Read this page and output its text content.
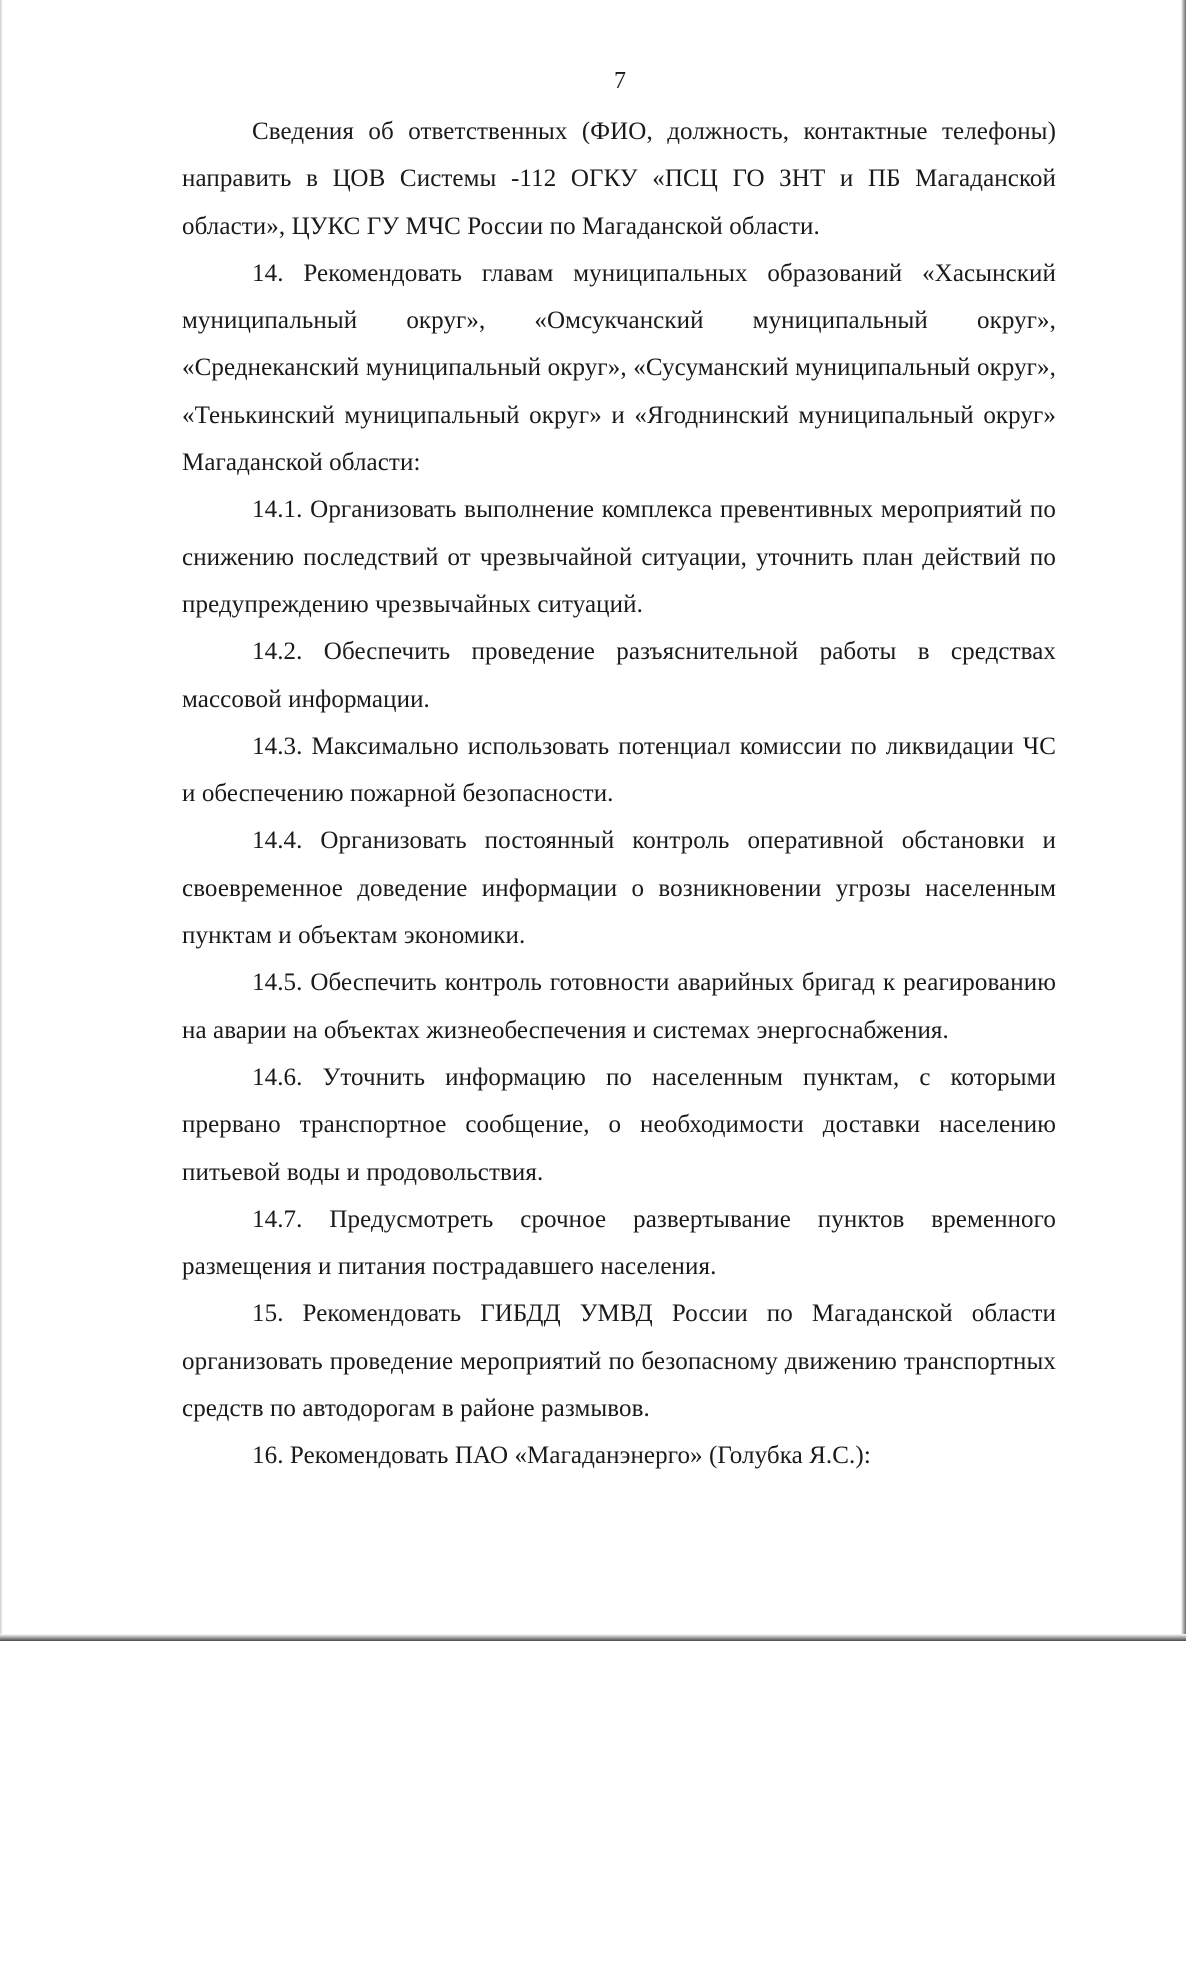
7

Сведения об ответственных (ФИО, должность, контактные телефоны) направить в ЦОВ Системы -112 ОГКУ «ПСЦ ГО ЗНТ и ПБ Магаданской области», ЦУКС ГУ МЧС России по Магаданской области.

14. Рекомендовать главам муниципальных образований «Хасынский муниципальный округ», «Омсукчанский муниципальный округ», «Среднеканский муниципальный округ», «Сусуманский муниципальный округ», «Тенькинский муниципальный округ» и «Ягоднинский муниципальный округ» Магаданской области:

14.1. Организовать выполнение комплекса превентивных мероприятий по снижению последствий от чрезвычайной ситуации, уточнить план действий по предупреждению чрезвычайных ситуаций.

14.2. Обеспечить проведение разъяснительной работы в средствах массовой информации.

14.3. Максимально использовать потенциал комиссии по ликвидации ЧС и обеспечению пожарной безопасности.

14.4. Организовать постоянный контроль оперативной обстановки и своевременное доведение информации о возникновении угрозы населенным пунктам и объектам экономики.

14.5. Обеспечить контроль готовности аварийных бригад к реагированию на аварии на объектах жизнеобеспечения и системах энергоснабжения.

14.6. Уточнить информацию по населенным пунктам, с которыми прервано транспортное сообщение, о необходимости доставки населению питьевой воды и продовольствия.

14.7. Предусмотреть срочное развертывание пунктов временного размещения и питания пострадавшего населения.

15. Рекомендовать ГИБДД УМВД России по Магаданской области организовать проведение мероприятий по безопасному движению транспортных средств по автодорогам в районе размывов.

16. Рекомендовать ПАО «Магаданэнерго» (Голубка Я.С.):
